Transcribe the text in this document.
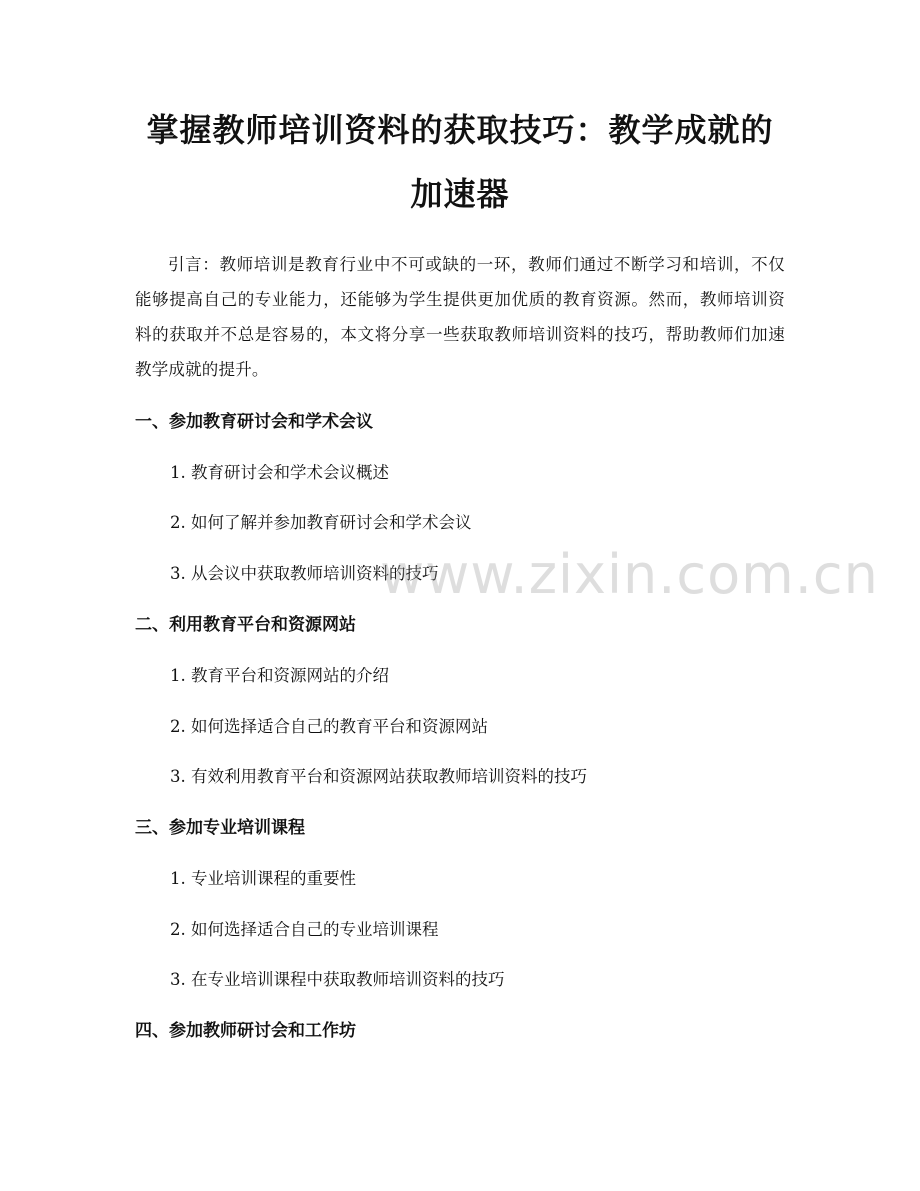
掌握教师培训资料的获取技巧：教学成就的
加速器

引言：教师培训是教育行业中不可或缺的一环，教师们通过不断学习和培训，不仅能够提高自己的专业能力，还能够为学生提供更加优质的教育资源。然而，教师培训资料的获取并不总是容易的，本文将分享一些获取教师培训资料的技巧，帮助教师们加速教学成就的提升。

一、参加教育研讨会和学术会议

1. 教育研讨会和学术会议概述

2. 如何了解并参加教育研讨会和学术会议

3. 从会议中获取教师培训资料的技巧

二、利用教育平台和资源网站

1. 教育平台和资源网站的介绍

2. 如何选择适合自己的教育平台和资源网站

3. 有效利用教育平台和资源网站获取教师培训资料的技巧

三、参加专业培训课程

1. 专业培训课程的重要性

2. 如何选择适合自己的专业培训课程

3. 在专业培训课程中获取教师培训资料的技巧

四、参加教师研讨会和工作坊
www.zixin.com.cn
